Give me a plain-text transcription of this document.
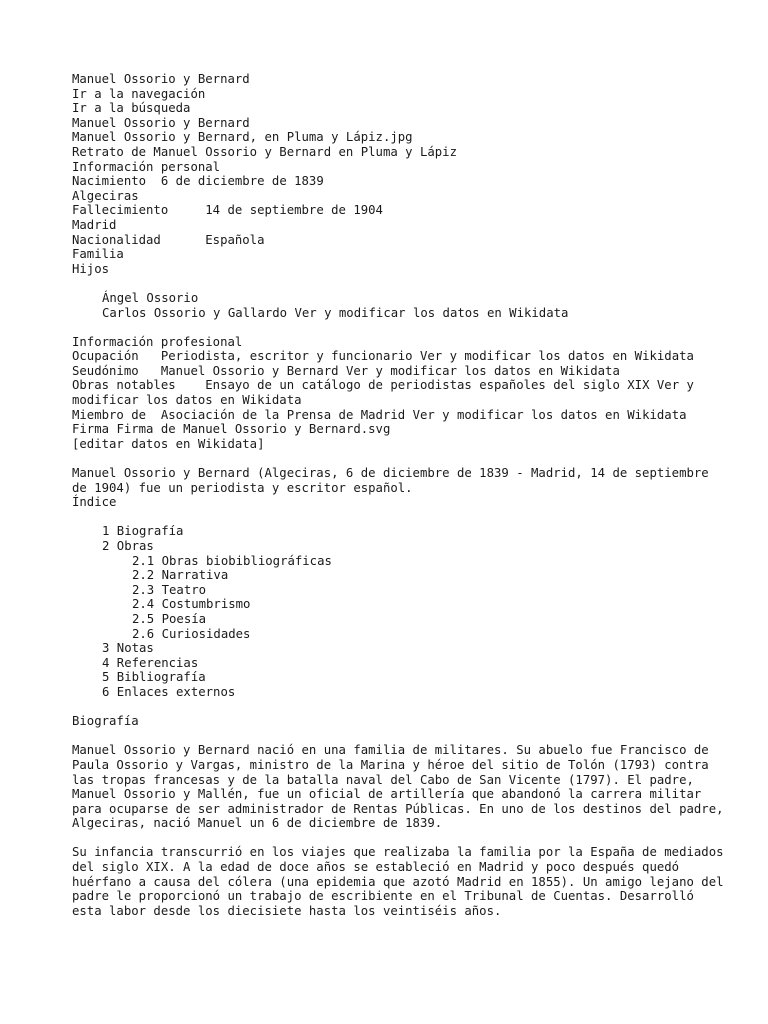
Manuel Ossorio y Bernard
Ir a la navegación
Ir a la búsqueda
Manuel Ossorio y Bernard
Manuel Ossorio y Bernard, en Pluma y Lápiz.jpg
Retrato de Manuel Ossorio y Bernard en Pluma y Lápiz
Información personal
Nacimiento 6 de diciembre de 1839
Algeciras
Fallecimiento	14 de septiembre de 1904
Madrid
Nacionalidad	Española
Familia
Hijos
Ángel Ossorio
Carlos Ossorio y Gallardo Ver y modificar los datos en Wikidata
Información profesional
Ocupación Periodista, escritor y funcionario Ver y modificar los datos en Wikidata
Seudónimo Manuel Ossorio y Bernard Ver y modificar los datos en Wikidata
Obras notables Ensayo de un catálogo de periodistas españoles del siglo XIX Ver y modificar los datos en Wikidata
Miembro de Asociación de la Prensa de Madrid Ver y modificar los datos en Wikidata
Firma Firma de Manuel Ossorio y Bernard.svg
[editar datos en Wikidata]
Manuel Ossorio y Bernard (Algeciras, 6 de diciembre de 1839 - Madrid, 14 de septiembre de 1904) fue un periodista y escritor español.
Índice
1 Biografía
2 Obras
2.1 Obras biobibliográficas
2.2 Narrativa
2.3 Teatro
2.4 Costumbrismo
2.5 Poesía
2.6 Curiosidades
3 Notas
4 Referencias
5 Bibliografía
6 Enlaces externos
Biografía
Manuel Ossorio y Bernard nació en una familia de militares. Su abuelo fue Francisco de Paula Ossorio y Vargas, ministro de la Marina y héroe del sitio de Tolón (1793) contra las tropas francesas y de la batalla naval del Cabo de San Vicente (1797). El padre, Manuel Ossorio y Mallén, fue un oficial de artillería que abandonó la carrera militar para ocuparse de ser administrador de Rentas Públicas. En uno de los destinos del padre, Algeciras, nació Manuel un 6 de diciembre de 1839.
Su infancia transcurrió en los viajes que realizaba la familia por la España de mediados del siglo XIX. A la edad de doce años se estableció en Madrid y poco después quedó huérfano a causa del cólera (una epidemia que azotó Madrid en 1855). Un amigo lejano del padre le proporcionó un trabajo de escribiente en el Tribunal de Cuentas. Desarrolló esta labor desde los diecisiete hasta los veintiséis años.
